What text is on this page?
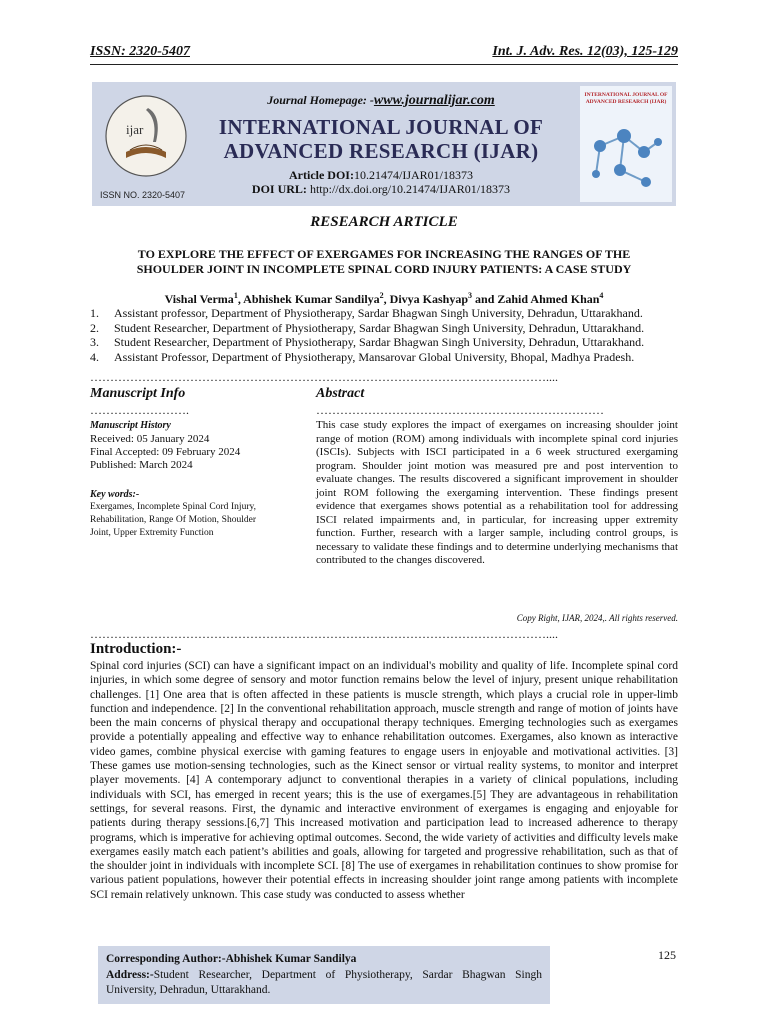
ISSN: 2320-5407	Int. J. Adv. Res. 12(03), 125-129
ijar
ISSN NO. 2320-5407
Journal Homepage: -www.journalijar.com
INTERNATIONAL JOURNAL OF
ADVANCED RESEARCH (IJAR)
Article DOI:10.21474/IJAR01/18373
DOI URL: http://dx.doi.org/10.21474/IJAR01/18373
INTERNATIONAL JOURNAL OF ADVANCED RESEARCH (IJAR)
RESEARCH ARTICLE
TO EXPLORE THE EFFECT OF EXERGAMES FOR INCREASING THE RANGES OF THE
SHOULDER JOINT IN INCOMPLETE SPINAL CORD INJURY PATIENTS: A CASE STUDY
Vishal Verma$^1$, Abhishek Kumar Sandilya$^2$, Divya Kashyap$^3$ and Zahid Ahmed Khan$^4$
1. Assistant professor, Department of Physiotherapy, Sardar Bhagwan Singh University, Dehradun, Uttarakhand.
2. Student Researcher, Department of Physiotherapy, Sardar Bhagwan Singh University, Dehradun, Uttarakhand.
3. Student Researcher, Department of Physiotherapy, Sardar Bhagwan Singh University, Dehradun, Uttarakhand.
4. Assistant Professor, Department of Physiotherapy, Mansarovar Global University, Bhopal, Madhya Pradesh.
……………………………………………………………………………………………………....
Manuscript Info
…………………….
Manuscript History
Received: 05 January 2024
Final Accepted: 09 February 2024
Published: March 2024
Key words:-
Exergames, Incomplete Spinal Cord Injury, Rehabilitation, Range Of Motion, Shoulder Joint, Upper Extremity Function
Abstract
………………………………………………………………
This case study explores the impact of exergames on increasing shoulder joint range of motion (ROM) among individuals with incomplete spinal cord injuries (ISCIs). Subjects with ISCI participated in a 6 week structured exergaming program. Shoulder joint motion was measured pre and post intervention to evaluate changes. The results discovered a significant improvement in shoulder joint ROM following the exergaming intervention. These findings present evidence that exergames shows potential as a rehabilitation tool for addressing ISCI related impairments and, in particular, for increasing upper extremity function. Further, research with a larger sample, including control groups, is necessary to validate these findings and to determine underlying mechanisms that contributed to the changes discovered.
Copy Right, IJAR, 2024,. All rights reserved.
……………………………………………………………………………………………………....
Introduction:-
Spinal cord injuries (SCI) can have a significant impact on an individual's mobility and quality of life. Incomplete spinal cord injuries, in which some degree of sensory and motor function remains below the level of injury, present unique rehabilitation challenges. [1] One area that is often affected in these patients is muscle strength, which plays a crucial role in upper-limb function and independence. [2] In the conventional rehabilitation approach, muscle strength and range of motion of joints have been the main concerns of physical therapy and occupational therapy techniques. Emerging technologies such as exergames provide a potentially appealing and effective way to enhance rehabilitation outcomes. Exergames, also known as interactive video games, combine physical exercise with gaming features to engage users in enjoyable and motivational activities. [3] These games use motion-sensing technologies, such as the Kinect sensor or virtual reality systems, to monitor and interpret player movements. [4] A contemporary adjunct to conventional therapies in a variety of clinical populations, including individuals with SCI, has emerged in recent years; this is the use of exergames.[5] They are advantageous in rehabilitation settings, for several reasons. First, the dynamic and interactive environment of exergames is engaging and enjoyable for patients during therapy sessions.[6,7] This increased motivation and participation lead to increased adherence to therapy programs, which is imperative for achieving optimal outcomes. Second, the wide variety of activities and difficulty levels make exergames easily match each patient’s abilities and goals, allowing for targeted and progressive rehabilitation, such as that of the shoulder joint in individuals with incomplete SCI. [8] The use of exergames in rehabilitation continues to show promise for various patient populations, however their potential effects in increasing shoulder joint range among patients with incomplete SCI remain relatively unknown. This case study was conducted to assess whether
Corresponding Author:-Abhishek Kumar Sandilya
Address:-Student Researcher, Department of Physiotherapy, Sardar Bhagwan Singh University, Dehradun, Uttarakhand.
125
